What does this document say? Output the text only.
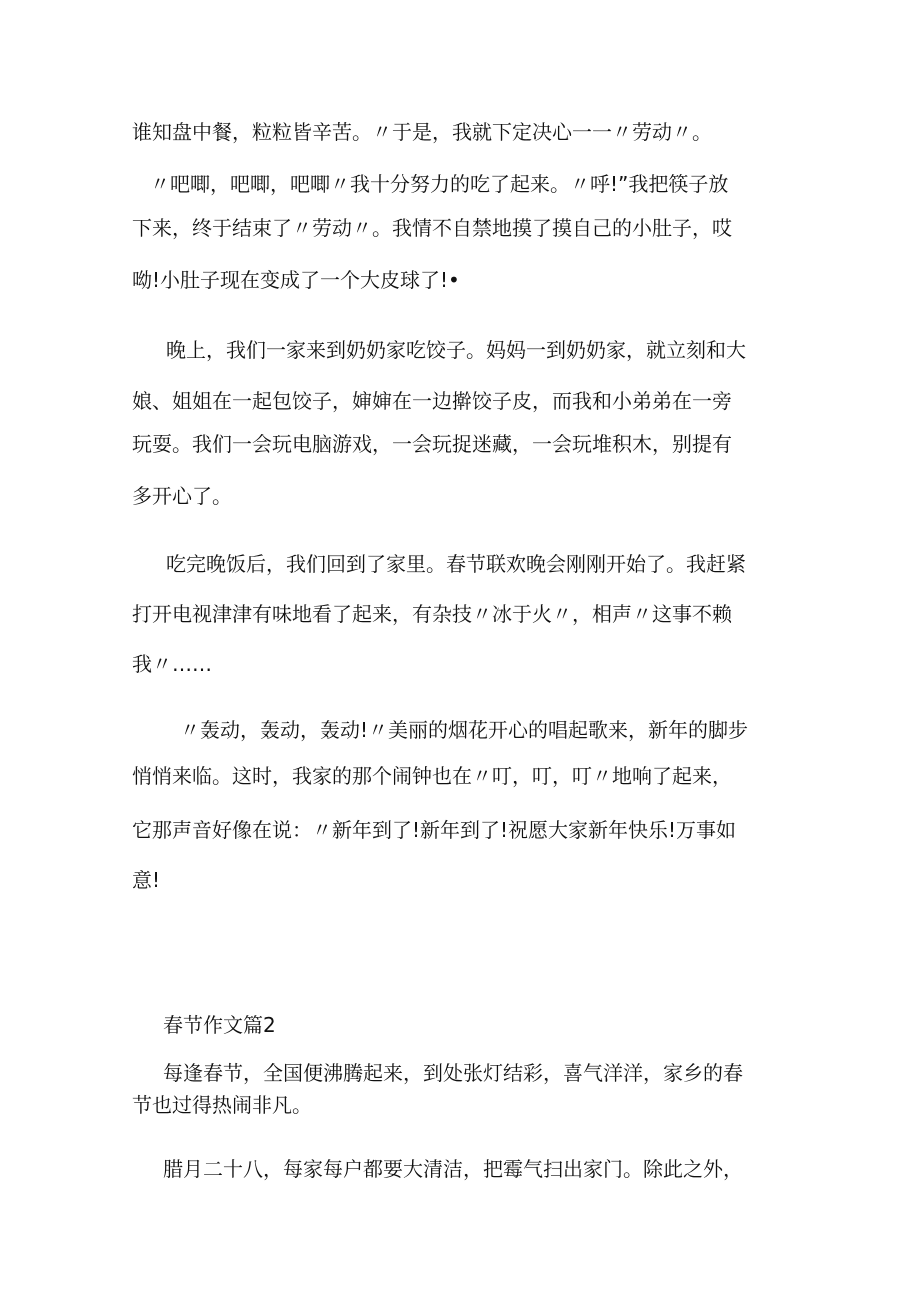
谁知盘中餐，粒粒皆辛苦。〃于是，我就下定决心一一〃劳动〃。
〃吧唧，吧唧，吧唧〃我十分努力的吃了起来。〃呼!”我把筷子放
下来，终于结束了〃劳动〃。我情不自禁地摸了摸自己的小肚子，哎
呦!小肚子现在变成了一个大皮球了!•
晚上，我们一家来到奶奶家吃饺子。妈妈一到奶奶家，就立刻和大
娘、姐姐在一起包饺子，婶婶在一边擀饺子皮，而我和小弟弟在一旁
玩耍。我们一会玩电脑游戏，一会玩捉迷藏，一会玩堆积木，别提有
多开心了。
吃完晚饭后，我们回到了家里。春节联欢晚会刚刚开始了。我赶紧
打开电视津津有味地看了起来，有杂技〃冰于火〃，相声〃这事不赖
我〃……
〃轰动，轰动，轰动!〃美丽的烟花开心的唱起歌来，新年的脚步
悄悄来临。这时，我家的那个闹钟也在〃叮，叮，叮〃地响了起来，
它那声音好像在说：〃新年到了!新年到了!祝愿大家新年快乐!万事如
意!
春节作文篇2
每逢春节，全国便沸腾起来，到处张灯结彩，喜气洋洋，家乡的春
节也过得热闹非凡。
腊月二十八，每家每户都要大清洁，把霉气扫出家门。除此之外，
